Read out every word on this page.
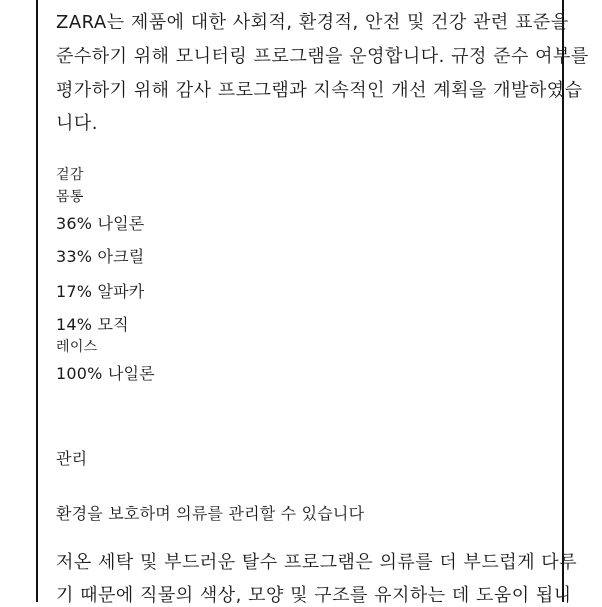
ZARA는 제품에 대한 사회적, 환경적, 안전 및 건강 관련 표준을
준수하기 위해 모니터링 프로그램을 운영합니다. 규정 준수 여부를
평가하기 위해 감사 프로그램과 지속적인 개선 계획을 개발하였습
니다.
겉감
몸통
36% 나일론
33% 아크릴
17% 알파카
14% 모직
레이스
100% 나일론
관리
환경을 보호하며 의류를 관리할 수 있습니다
저온 세탁 및 부드러운 탈수 프로그램은 의류를 더 부드럽게 다루
기 때문에 직물의 색상, 모양 및 구조를 유지하는 데 도움이 됩니
